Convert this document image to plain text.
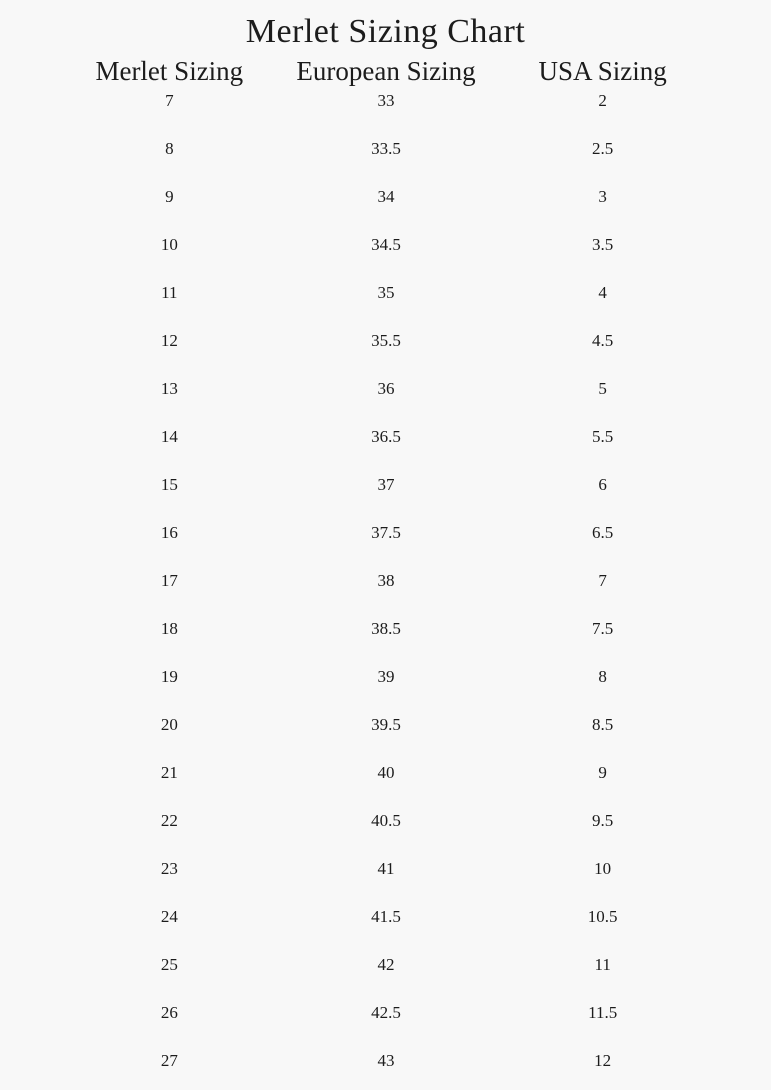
Merlet Sizing Chart
Merlet Sizing	European Sizing	USA Sizing
7	33	2
8	33.5	2.5
9	34	3
10	34.5	3.5
11	35	4
12	35.5	4.5
13	36	5
14	36.5	5.5
15	37	6
16	37.5	6.5
17	38	7
18	38.5	7.5
19	39	8
20	39.5	8.5
21	40	9
22	40.5	9.5
23	41	10
24	41.5	10.5
25	42	11
26	42.5	11.5
27	43	12
